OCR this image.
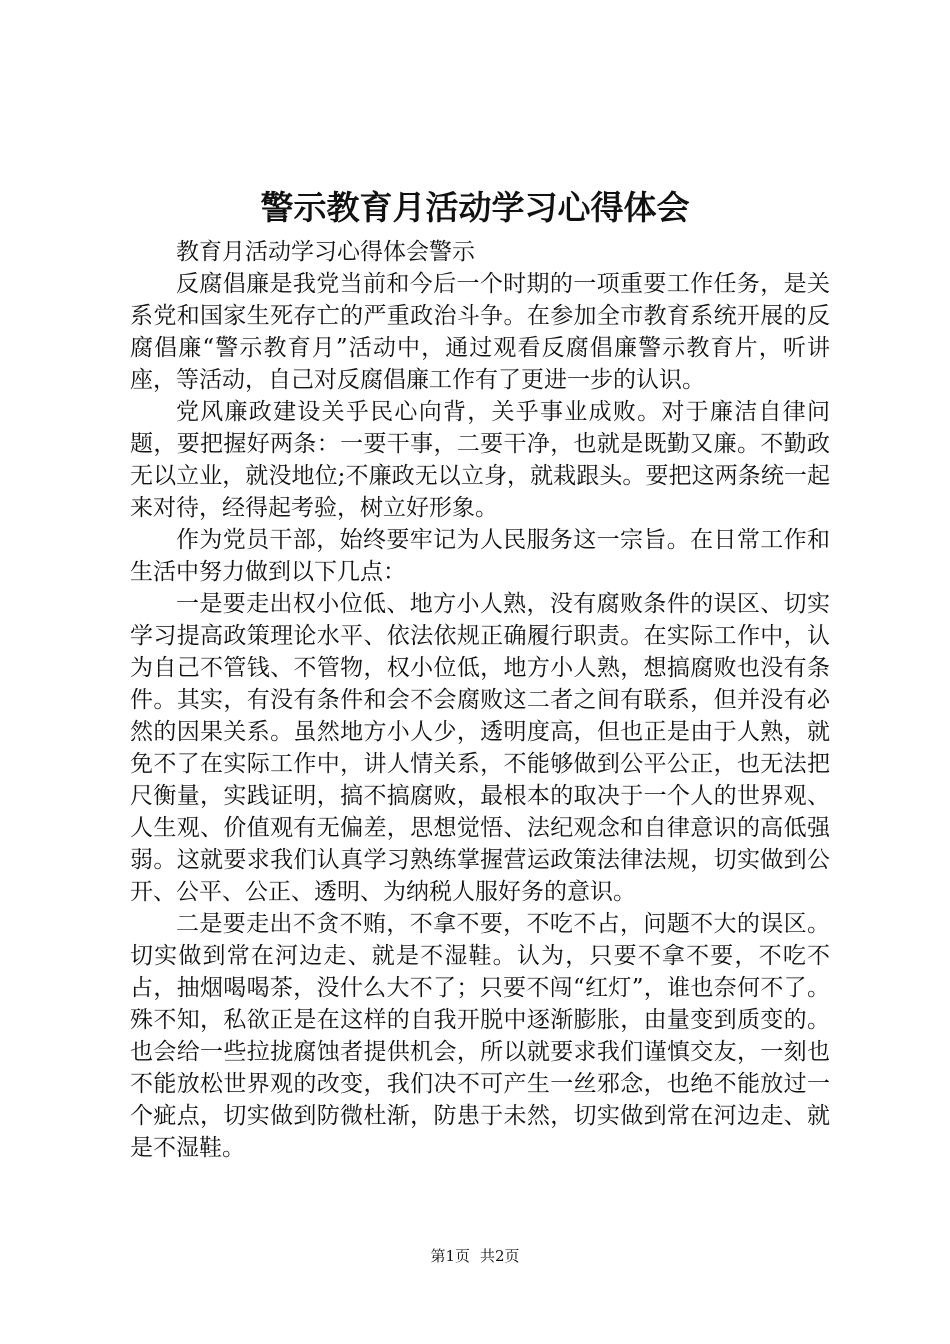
警示教育月活动学习心得体会

教育月活动学习心得体会警示

反腐倡廉是我党当前和今后一个时期的一项重要工作任务，是关系党和国家生死存亡的严重政治斗争。在参加全市教育系统开展的反腐倡廉“警示教育月”活动中，通过观看反腐倡廉警示教育片，听讲座，等活动，自己对反腐倡廉工作有了更进一步的认识。

党风廉政建设关乎民心向背，关乎事业成败。对于廉洁自律问题，要把握好两条：一要干事，二要干净，也就是既勤又廉。不勤政无以立业，就没地位;不廉政无以立身，就栽跟头。要把这两条统一起来对待，经得起考验，树立好形象。

作为党员干部，始终要牢记为人民服务这一宗旨。在日常工作和生活中努力做到以下几点：

一是要走出权小位低、地方小人熟，没有腐败条件的误区、切实学习提高政策理论水平、依法依规正确履行职责。在实际工作中，认为自己不管钱、不管物，权小位低，地方小人熟，想搞腐败也没有条件。其实，有没有条件和会不会腐败这二者之间有联系，但并没有必然的因果关系。虽然地方小人少，透明度高，但也正是由于人熟，就免不了在实际工作中，讲人情关系，不能够做到公平公正，也无法把尺衡量，实践证明，搞不搞腐败，最根本的取决于一个人的世界观、人生观、价值观有无偏差，思想觉悟、法纪观念和自律意识的高低强弱。这就要求我们认真学习熟练掌握营运政策法律法规，切实做到公开、公平、公正、透明、为纳税人服好务的意识。

二是要走出不贪不贿，不拿不要，不吃不占，问题不大的误区。切实做到常在河边走、就是不湿鞋。认为，只要不拿不要，不吃不占，抽烟喝喝茶，没什么大不了；只要不闯“红灯”，谁也奈何不了。殊不知，私欲正是在这样的自我开脱中逐渐膨胀，由量变到质变的。也会给一些拉拢腐蚀者提供机会，所以就要求我们谨慎交友，一刻也不能放松世界观的改变，我们决不可产生一丝邪念，也绝不能放过一个疵点，切实做到防微杜渐，防患于未然，切实做到常在河边走、就是不湿鞋。

第1页 共2页
